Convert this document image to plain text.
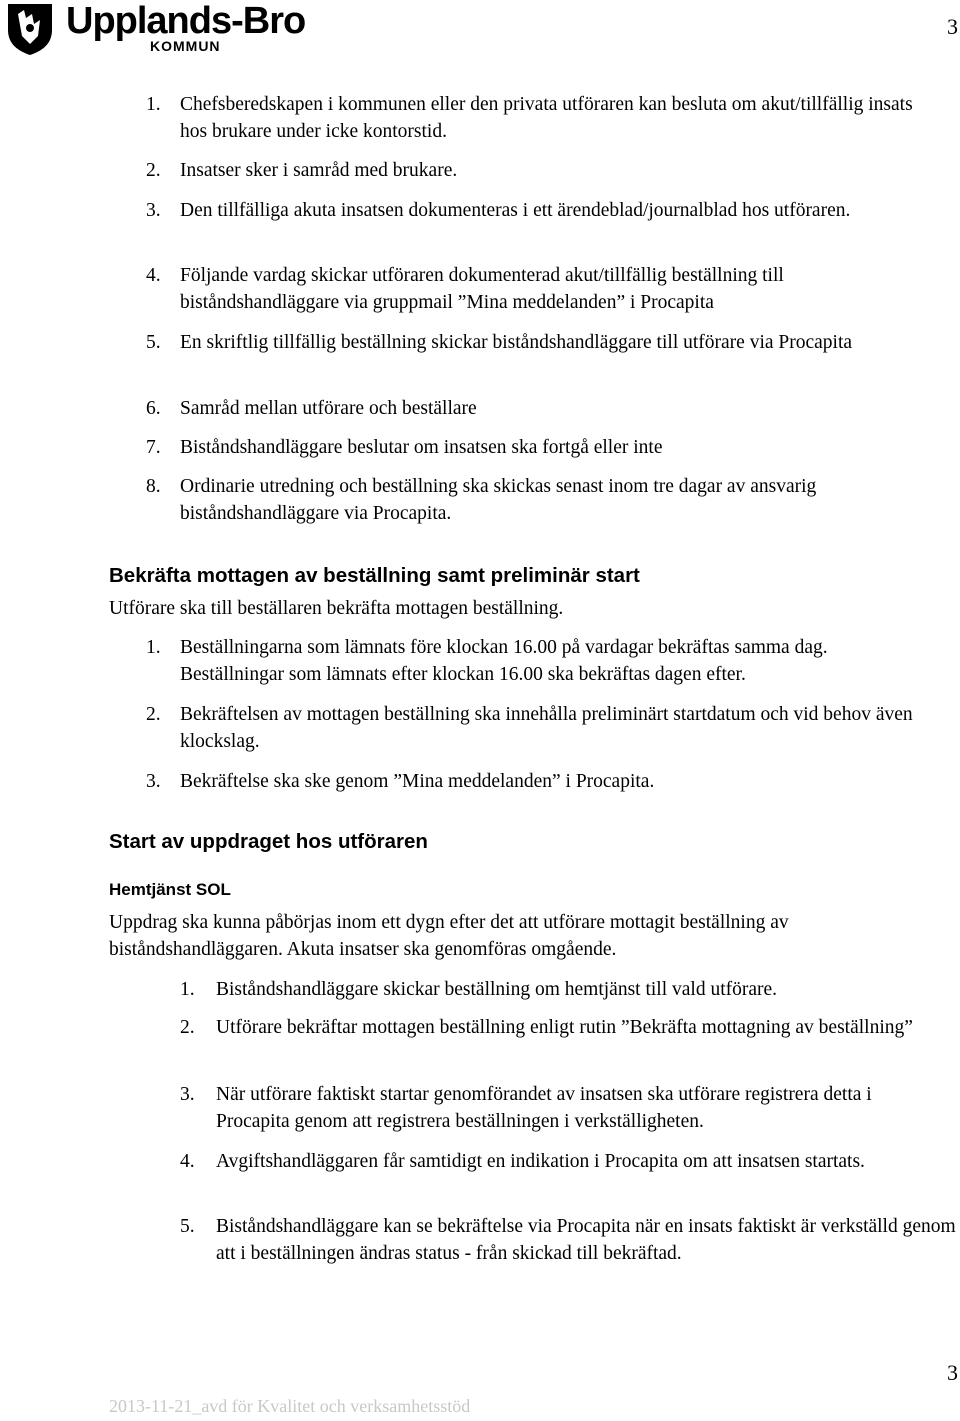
Upplands-Bro
KOMMUN
3
1. Chefsberedskapen i kommunen eller den privata utföraren kan besluta om akut/tillfällig insats hos brukare under icke kontorstid.
2. Insatser sker i samråd med brukare.
3. Den tillfälliga akuta insatsen dokumenteras i ett ärendeblad/journalblad hos utföraren.
4. Följande vardag skickar utföraren dokumenterad akut/tillfällig beställning till biståndshandläggare via gruppmail ”Mina meddelanden” i Procapita
5. En skriftlig tillfällig beställning skickar biståndshandläggare till utförare via Procapita
6. Samråd mellan utförare och beställare
7. Biståndshandläggare beslutar om insatsen ska fortgå eller inte
8. Ordinarie utredning och beställning ska skickas senast inom tre dagar av ansvarig biståndshandläggare via Procapita.
Bekräfta mottagen av beställning samt preliminär start
Utförare ska till beställaren bekräfta mottagen beställning.
1. Beställningarna som lämnats före klockan 16.00 på vardagar bekräftas samma dag. Beställningar som lämnats efter klockan 16.00 ska bekräftas dagen efter.
2. Bekräftelsen av mottagen beställning ska innehålla preliminärt startdatum och vid behov även klockslag.
3. Bekräftelse ska ske genom ”Mina meddelanden” i Procapita.
Start av uppdraget hos utföraren
Hemtjänst SOL
Uppdrag ska kunna påbörjas inom ett dygn efter det att utförare mottagit beställning av biståndshandläggaren. Akuta insatser ska genomföras omgående.
1. Biståndshandläggare skickar beställning om hemtjänst till vald utförare.
2. Utförare bekräftar mottagen beställning enligt rutin ”Bekräfta mottagning av beställning”
3. När utförare faktiskt startar genomförandet av insatsen ska utförare registrera detta i Procapita genom att registrera beställningen i verkställigheten.
4. Avgiftshandläggaren får samtidigt en indikation i Procapita om att insatsen startats.
5. Biståndshandläggare kan se bekräftelse via Procapita när en insats faktiskt är verkställd genom att i beställningen ändras status - från skickad till bekräftad.
3
2013-11-21_avd för Kvalitet och verksamhetsstöd
